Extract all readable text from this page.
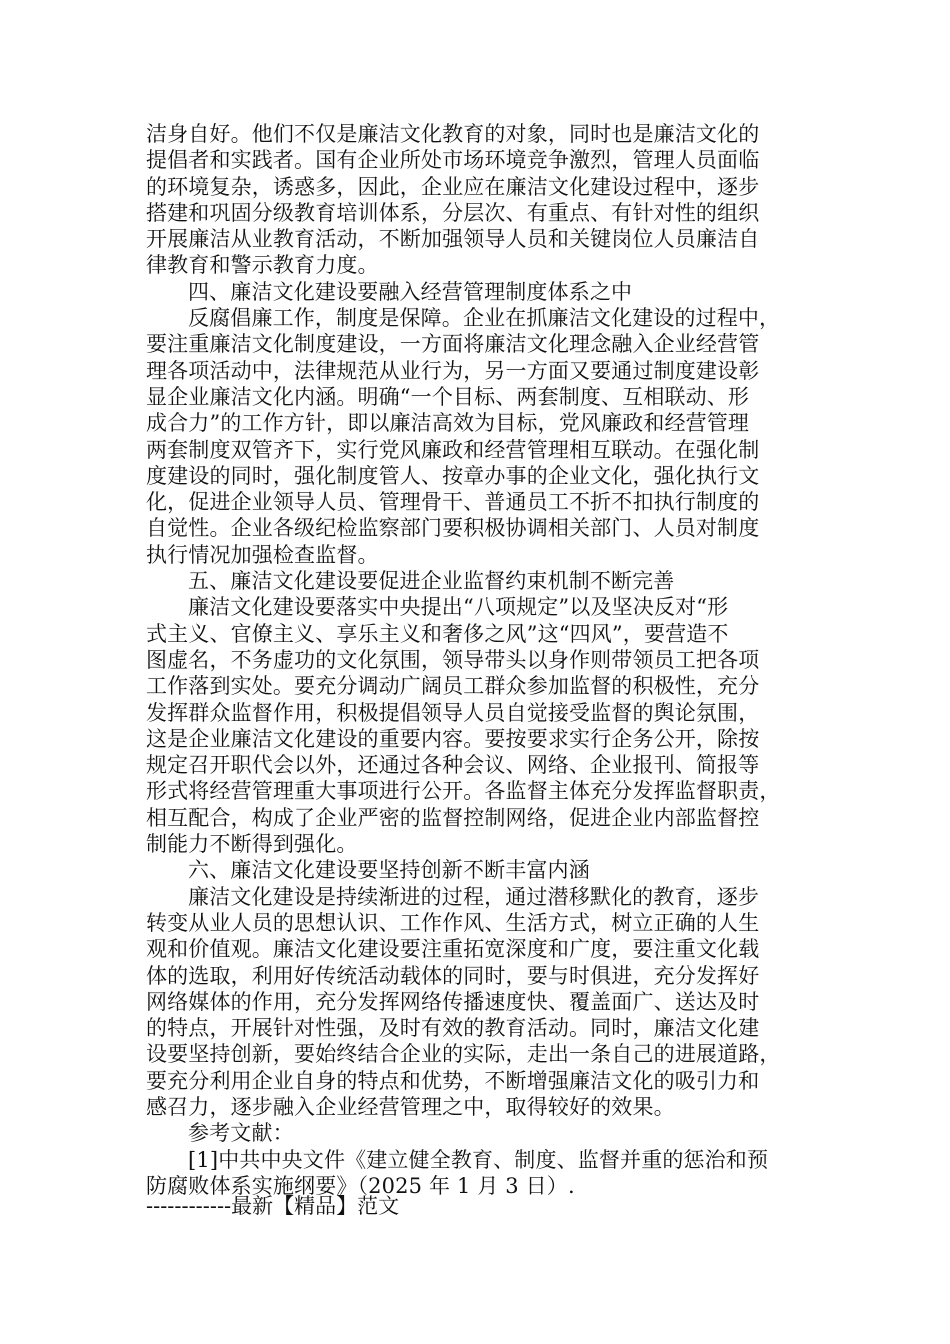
洁身自好。他们不仅是廉洁文化教育的对象，同时也是廉洁文化的
提倡者和实践者。国有企业所处市场环境竞争激烈，管理人员面临
的环境复杂，诱惑多，因此，企业应在廉洁文化建设过程中，逐步
搭建和巩固分级教育培训体系，分层次、有重点、有针对性的组织
开展廉洁从业教育活动，不断加强领导人员和关键岗位人员廉洁自
律教育和警示教育力度。
四、廉洁文化建设要融入经营管理制度体系之中
反腐倡廉工作，制度是保障。企业在抓廉洁文化建设的过程中，
要注重廉洁文化制度建设，一方面将廉洁文化理念融入企业经营管
理各项活动中，法律规范从业行为，另一方面又要通过制度建设彰
显企业廉洁文化内涵。明确“一个目标、两套制度、互相联动、形
成合力”的工作方针，即以廉洁高效为目标，党风廉政和经营管理
两套制度双管齐下，实行党风廉政和经营管理相互联动。在强化制
度建设的同时，强化制度管人、按章办事的企业文化，强化执行文
化，促进企业领导人员、管理骨干、普通员工不折不扣执行制度的
自觉性。企业各级纪检监察部门要积极协调相关部门、人员对制度
执行情况加强检查监督。
五、廉洁文化建设要促进企业监督约束机制不断完善
廉洁文化建设要落实中央提出“八项规定”以及坚决反对“形
式主义、官僚主义、享乐主义和奢侈之风”这“四风”，要营造不
图虚名，不务虚功的文化氛围，领导带头以身作则带领员工把各项
工作落到实处。要充分调动广阔员工群众参加监督的积极性，充分
发挥群众监督作用，积极提倡领导人员自觉接受监督的舆论氛围，
这是企业廉洁文化建设的重要内容。要按要求实行企务公开，除按
规定召开职代会以外，还通过各种会议、网络、企业报刊、简报等
形式将经营管理重大事项进行公开。各监督主体充分发挥监督职责，
相互配合，构成了企业严密的监督控制网络，促进企业内部监督控
制能力不断得到强化。
六、廉洁文化建设要坚持创新不断丰富内涵
廉洁文化建设是持续渐进的过程，通过潜移默化的教育，逐步
转变从业人员的思想认识、工作作风、生活方式，树立正确的人生
观和价值观。廉洁文化建设要注重拓宽深度和广度，要注重文化载
体的选取，利用好传统活动载体的同时，要与时俱进，充分发挥好
网络媒体的作用，充分发挥网络传播速度快、覆盖面广、送达及时
的特点，开展针对性强，及时有效的教育活动。同时，廉洁文化建
设要坚持创新，要始终结合企业的实际，走出一条自己的进展道路，
要充分利用企业自身的特点和优势，不断增强廉洁文化的吸引力和
感召力，逐步融入企业经营管理之中，取得较好的效果。
参考文献：
[1]中共中央文件《建立健全教育、制度、监督并重的惩治和预
防腐败体系实施纲要》（2025 年 1 月 3 日）.
------------最新【精品】范文
